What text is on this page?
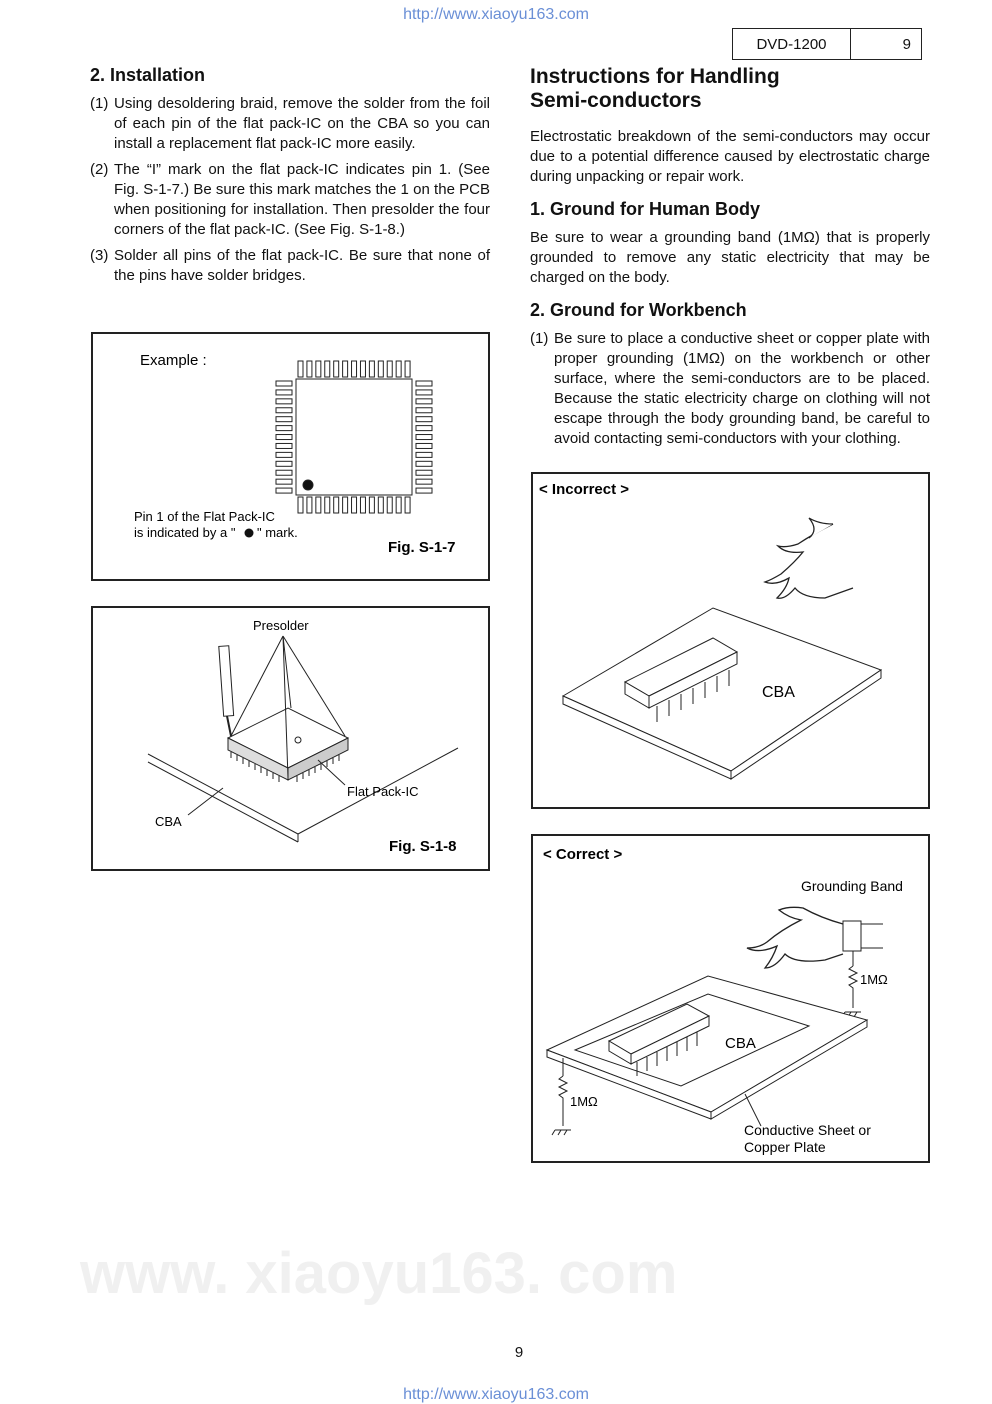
www. xiaoyu163. com
http://www.xiaoyu163.com
DVD-1200	9
2. Installation
(1) Using desoldering braid, remove the solder from the foil of each pin of the flat pack-IC on the CBA so you can install a replacement flat pack-IC more easily.
(2) The “I” mark on the flat pack-IC indicates pin 1. (See Fig. S-1-7.) Be sure this mark matches the 1 on the PCB when positioning for installation. Then presolder the four corners of the flat pack-IC. (See Fig. S-1-8.)
(3) Solder all pins of the flat pack-IC. Be sure that none of the pins have solder bridges.
Example :
Pin 1 of the Flat Pack-IC
is indicated by a " " mark.
Fig. S-1-7
Presolder
Flat Pack-IC
CBA
Fig. S-1-8
Instructions for Handling Semi-conductors

Electrostatic breakdown of the semi-conductors may occur due to a potential difference caused by electrostatic charge during unpacking or repair work.

1. Ground for Human Body

Be sure to wear a grounding band (1MΩ) that is properly grounded to remove any static electricity that may be charged on the body.

2. Ground for Workbench
(1) Be sure to place a conductive sheet or copper plate with proper grounding (1MΩ) on the workbench or other surface, where the semi-conductors are to be placed. Because the static electricity charge on clothing will not escape through the body grounding band, be careful to avoid contacting semi-conductors with your clothing.
< Incorrect >
CBA
< Correct >
Grounding Band
1MΩ
CBA
1MΩ
Conductive Sheet or
Copper Plate
9
http://www.xiaoyu163.com
